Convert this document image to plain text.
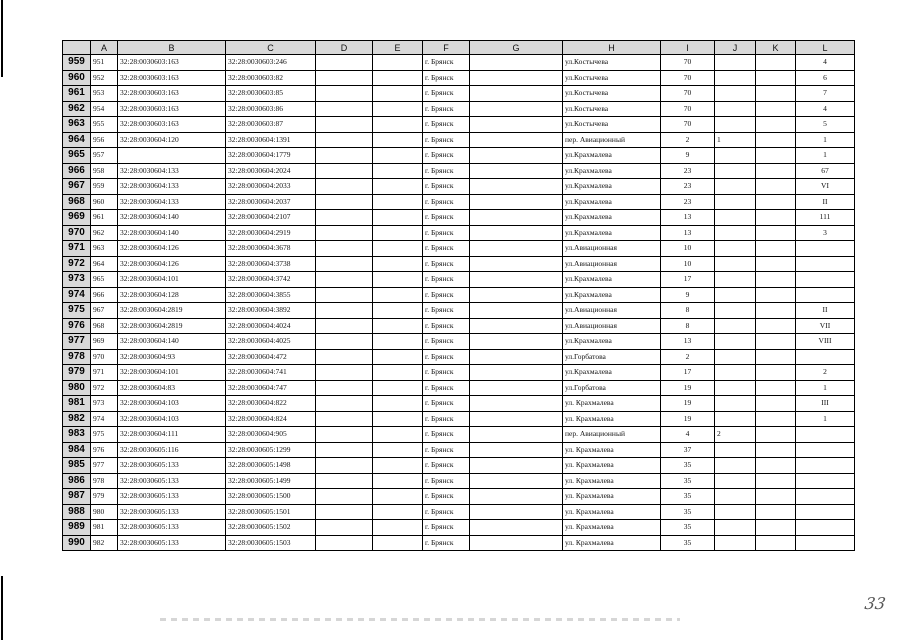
	A	B	C	D	E	F	G	H	I	J	K	L
959	951	32:28:0030603:163	32:28:0030603:246			г. Брянск		ул.Костычева	70			4
960	952	32:28:0030603:163	32:28:0030603:82			г. Брянск		ул.Костычева	70			6
961	953	32:28:0030603:163	32:28:0030603:85			г. Брянск		ул.Костычева	70			7
962	954	32:28:0030603:163	32:28:0030603:86			г. Брянск		ул.Костычева	70			4
963	955	32:28:0030603:163	32:28:0030603:87			г. Брянск		ул.Костычева	70			5
964	956	32:28:0030604:120	32:28:0030604:1391			г. Брянск		пер. Авиационный	2	1		1
965	957		32:28:0030604:1779			г. Брянск		ул.Крахмалева	9			1
966	958	32:28:0030604:133	32:28:0030604:2024			г. Брянск		ул.Крахмалева	23			67
967	959	32:28:0030604:133	32:28:0030604:2033			г. Брянск		ул.Крахмалева	23			VI
968	960	32:28:0030604:133	32:28:0030604:2037			г. Брянск		ул.Крахмалева	23			II
969	961	32:28:0030604:140	32:28:0030604:2107			г. Брянск		ул.Крахмалева	13			111
970	962	32:28:0030604:140	32:28:0030604:2919			г. Брянск		ул.Крахмалева	13			3
971	963	32:28:0030604:126	32:28:0030604:3678			г. Брянск		ул.Авиационная	10			
972	964	32:28:0030604:126	32:28:0030604:3738			г. Брянск		ул.Авиационная	10			
973	965	32:28:0030604:101	32:28:0030604:3742			г. Брянск		ул.Крахмалева	17			
974	966	32:28:0030604:128	32:28:0030604:3855			г. Брянск		ул.Крахмалева	9			
975	967	32:28:0030604:2819	32:28:0030604:3892			г. Брянск		ул.Авиационная	8			II
976	968	32:28:0030604:2819	32:28:0030604:4024			г. Брянск		ул.Авиационная	8			VII
977	969	32:28:0030604:140	32:28:0030604:4025			г. Брянск		ул.Крахмалева	13			VIII
978	970	32:28:0030604:93	32:28:0030604:472			г. Брянск		ул.Горбатова	2			
979	971	32:28:0030604:101	32:28:0030604:741			г. Брянск		ул.Крахмалева	17			2
980	972	32:28:0030604:83	32:28:0030604:747			г. Брянск		ул.Горбатова	19			1
981	973	32:28:0030604:103	32:28:0030604:822			г. Брянск		ул. Крахмалева	19			III
982	974	32:28:0030604:103	32:28:0030604:824			г. Брянск		ул. Крахмалева	19			1
983	975	32:28:0030604:111	32:28:0030604:905			г. Брянск		пер. Авиационный	4	2		
984	976	32:28:0030605:116	32:28:0030605:1299			г. Брянск		ул. Крахмалева	37			
985	977	32:28:0030605:133	32:28:0030605:1498			г. Брянск		ул. Крахмалева	35			
986	978	32:28:0030605:133	32:28:0030605:1499			г. Брянск		ул. Крахмалева	35			
987	979	32:28:0030605:133	32:28:0030605:1500			г. Брянск		ул. Крахмалева	35			
988	980	32:28:0030605:133	32:28:0030605:1501			г. Брянск		ул. Крахмалева	35			
989	981	32:28:0030605:133	32:28:0030605:1502			г. Брянск		ул. Крахмалева	35			
990	982	32:28:0030605:133	32:28:0030605:1503			г. Брянск		ул. Крахмалева	35			
33
